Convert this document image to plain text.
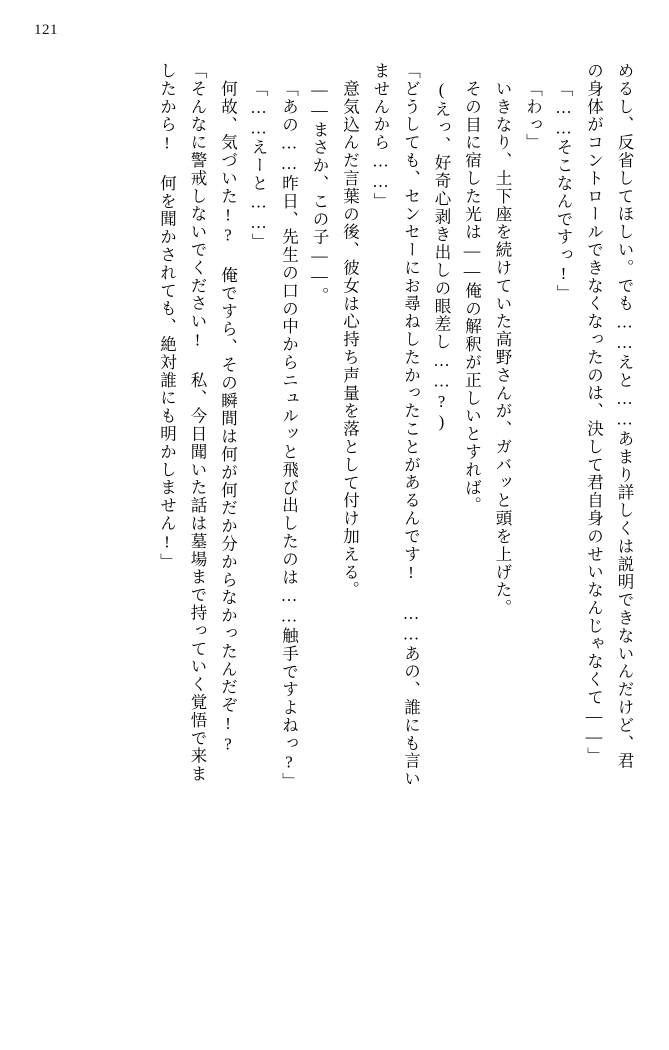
121
めるし、反省してほしい。でも……えと……あまり詳しくは説明できないんだけど、君
の身体がコントロールできなくなったのは、決して君自身のせいなんじゃなくて——」
「……そこなんですっ!」
「わっ」
いきなり、土下座を続けていた高野さんが、ガバッと頭を上げた。
その目に宿した光は——俺の解釈が正しいとすれば。
(えっ、好奇心剥き出しの眼差し……?)
「どうしても、センセーにお尋ねしたかったことがあるんです! ……あの、誰にも言い
ませんから……」
意気込んだ言葉の後、彼女は心持ち声量を落として付け加える。
——まさか、この子——。
「あの……昨日、先生の口の中からニュルッと飛び出したのは……触手ですよねっ?」
「……えーと……」
何故、気づいた!? 俺ですら、その瞬間は何が何だか分からなかったんだぞ!?
「そんなに警戒しないでください! 私、今日聞いた話は墓場まで持っていく覚悟で来ま
したから! 何を聞かされても、絶対誰にも明かしません!」
